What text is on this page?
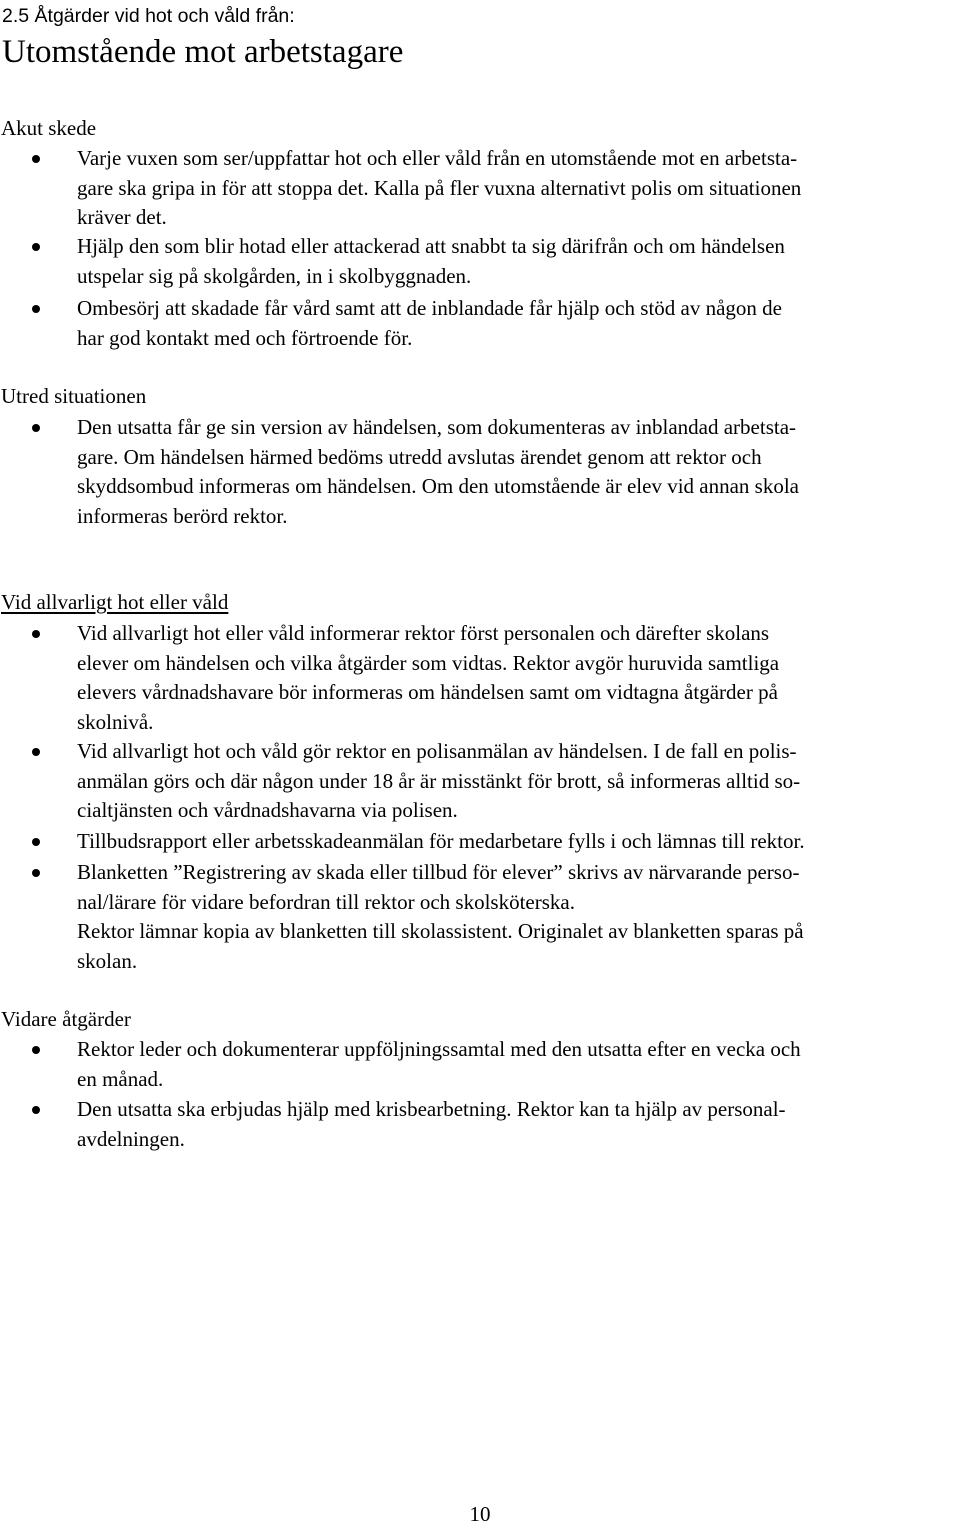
2.5 Åtgärder vid hot och våld från:
Utomstående mot arbetstagare
Akut skede
Varje vuxen som ser/uppfattar hot och eller våld från en utomstående mot en arbetsta-
gare ska gripa in för att stoppa det. Kalla på fler vuxna alternativt polis om situationen
kräver det.
Hjälp den som blir hotad eller attackerad att snabbt ta sig därifrån och om händelsen
utspelar sig på skolgården, in i skolbyggnaden.
Ombesörj att skadade får vård samt att de inblandade får hjälp och stöd av någon de
har god kontakt med och förtroende för.
Utred situationen
Den utsatta får ge sin version av händelsen, som dokumenteras av inblandad arbetsta-
gare. Om händelsen härmed bedöms utredd avslutas ärendet genom att rektor och
skyddsombud informeras om händelsen. Om den utomstående är elev vid annan skola
informeras berörd rektor.
Vid allvarligt hot eller våld
Vid allvarligt hot eller våld informerar rektor först personalen och därefter skolans
elever om händelsen och vilka åtgärder som vidtas. Rektor avgör huruvida samtliga
elevers vårdnadshavare bör informeras om händelsen samt om vidtagna åtgärder på
skolnivå.
Vid allvarligt hot och våld gör rektor en polisanmälan av händelsen. I de fall en polis-
anmälan görs och där någon under 18 år är misstänkt för brott, så informeras alltid so-
cialtjänsten och vårdnadshavarna via polisen.
Tillbudsrapport eller arbetsskadeanmälan för medarbetare fylls i och lämnas till rektor.
Blanketten ”Registrering av skada eller tillbud för elever” skrivs av närvarande perso-
nal/lärare för vidare befordran till rektor och skolsköterska.
Rektor lämnar kopia av blanketten till skolassistent. Originalet av blanketten sparas på
skolan.
Vidare åtgärder
Rektor leder och dokumenterar uppföljningssamtal med den utsatta efter en vecka och
en månad.
Den utsatta ska erbjudas hjälp med krisbearbetning. Rektor kan ta hjälp av personal-
avdelningen.
10
